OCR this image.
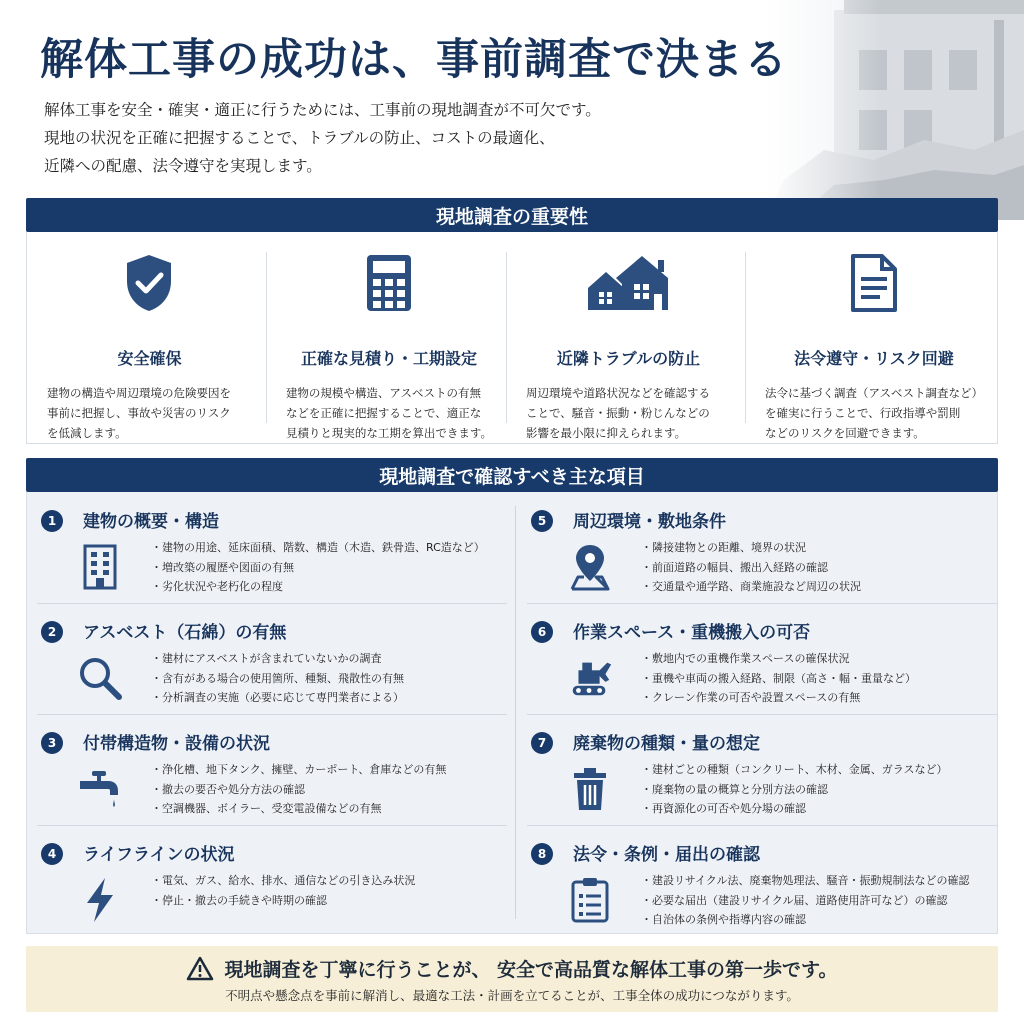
解体工事の成功は、事前調査で決まる
解体工事を安全・確実・適正に行うためには、工事前の現地調査が不可欠です。
現地の状況を正確に把握することで、トラブルの防止、コストの最適化、
近隣への配慮、法令遵守を実現します。
現地調査の重要性
安全確保
建物の構造や周辺環境の危険要因を
事前に把握し、事故や災害のリスク
を低減します。
正確な見積り・工期設定
建物の規模や構造、アスベストの有無
などを正確に把握することで、適正な
見積りと現実的な工期を算出できます。
近隣トラブルの防止
周辺環境や道路状況などを確認する
ことで、騒音・振動・粉じんなどの
影響を最小限に抑えられます。
法令遵守・リスク回避
法令に基づく調査（アスベスト調査など）
を確実に行うことで、行政指導や罰則
などのリスクを回避できます。
現地調査で確認すべき主な項目
1	建物の概要・構造
・建物の用途、延床面積、階数、構造（木造、鉄骨造、RC造など）
・増改築の履歴や図面の有無
・劣化状況や老朽化の程度
2	アスベスト（石綿）の有無
・建材にアスベストが含まれていないかの調査
・含有がある場合の使用箇所、種類、飛散性の有無
・分析調査の実施（必要に応じて専門業者による）
3	付帯構造物・設備の状況
・浄化槽、地下タンク、擁壁、カーポート、倉庫などの有無
・撤去の要否や処分方法の確認
・空調機器、ボイラー、受変電設備などの有無
4	ライフラインの状況
・電気、ガス、給水、排水、通信などの引き込み状況
・停止・撤去の手続きや時期の確認
5	周辺環境・敷地条件
・隣接建物との距離、境界の状況
・前面道路の幅員、搬出入経路の確認
・交通量や通学路、商業施設など周辺の状況
6	作業スペース・重機搬入の可否
・敷地内での重機作業スペースの確保状況
・重機や車両の搬入経路、制限（高さ・幅・重量など）
・クレーン作業の可否や設置スペースの有無
7	廃棄物の種類・量の想定
・建材ごとの種類（コンクリート、木材、金属、ガラスなど）
・廃棄物の量の概算と分別方法の確認
・再資源化の可否や処分場の確認
8	法令・条例・届出の確認
・建設リサイクル法、廃棄物処理法、騒音・振動規制法などの確認
・必要な届出（建設リサイクル届、道路使用許可など）の確認
・自治体の条例や指導内容の確認
現地調査を丁寧に行うことが、 安全で高品質な解体工事の第一歩です。
不明点や懸念点を事前に解消し、最適な工法・計画を立てることが、工事全体の成功につながります。
